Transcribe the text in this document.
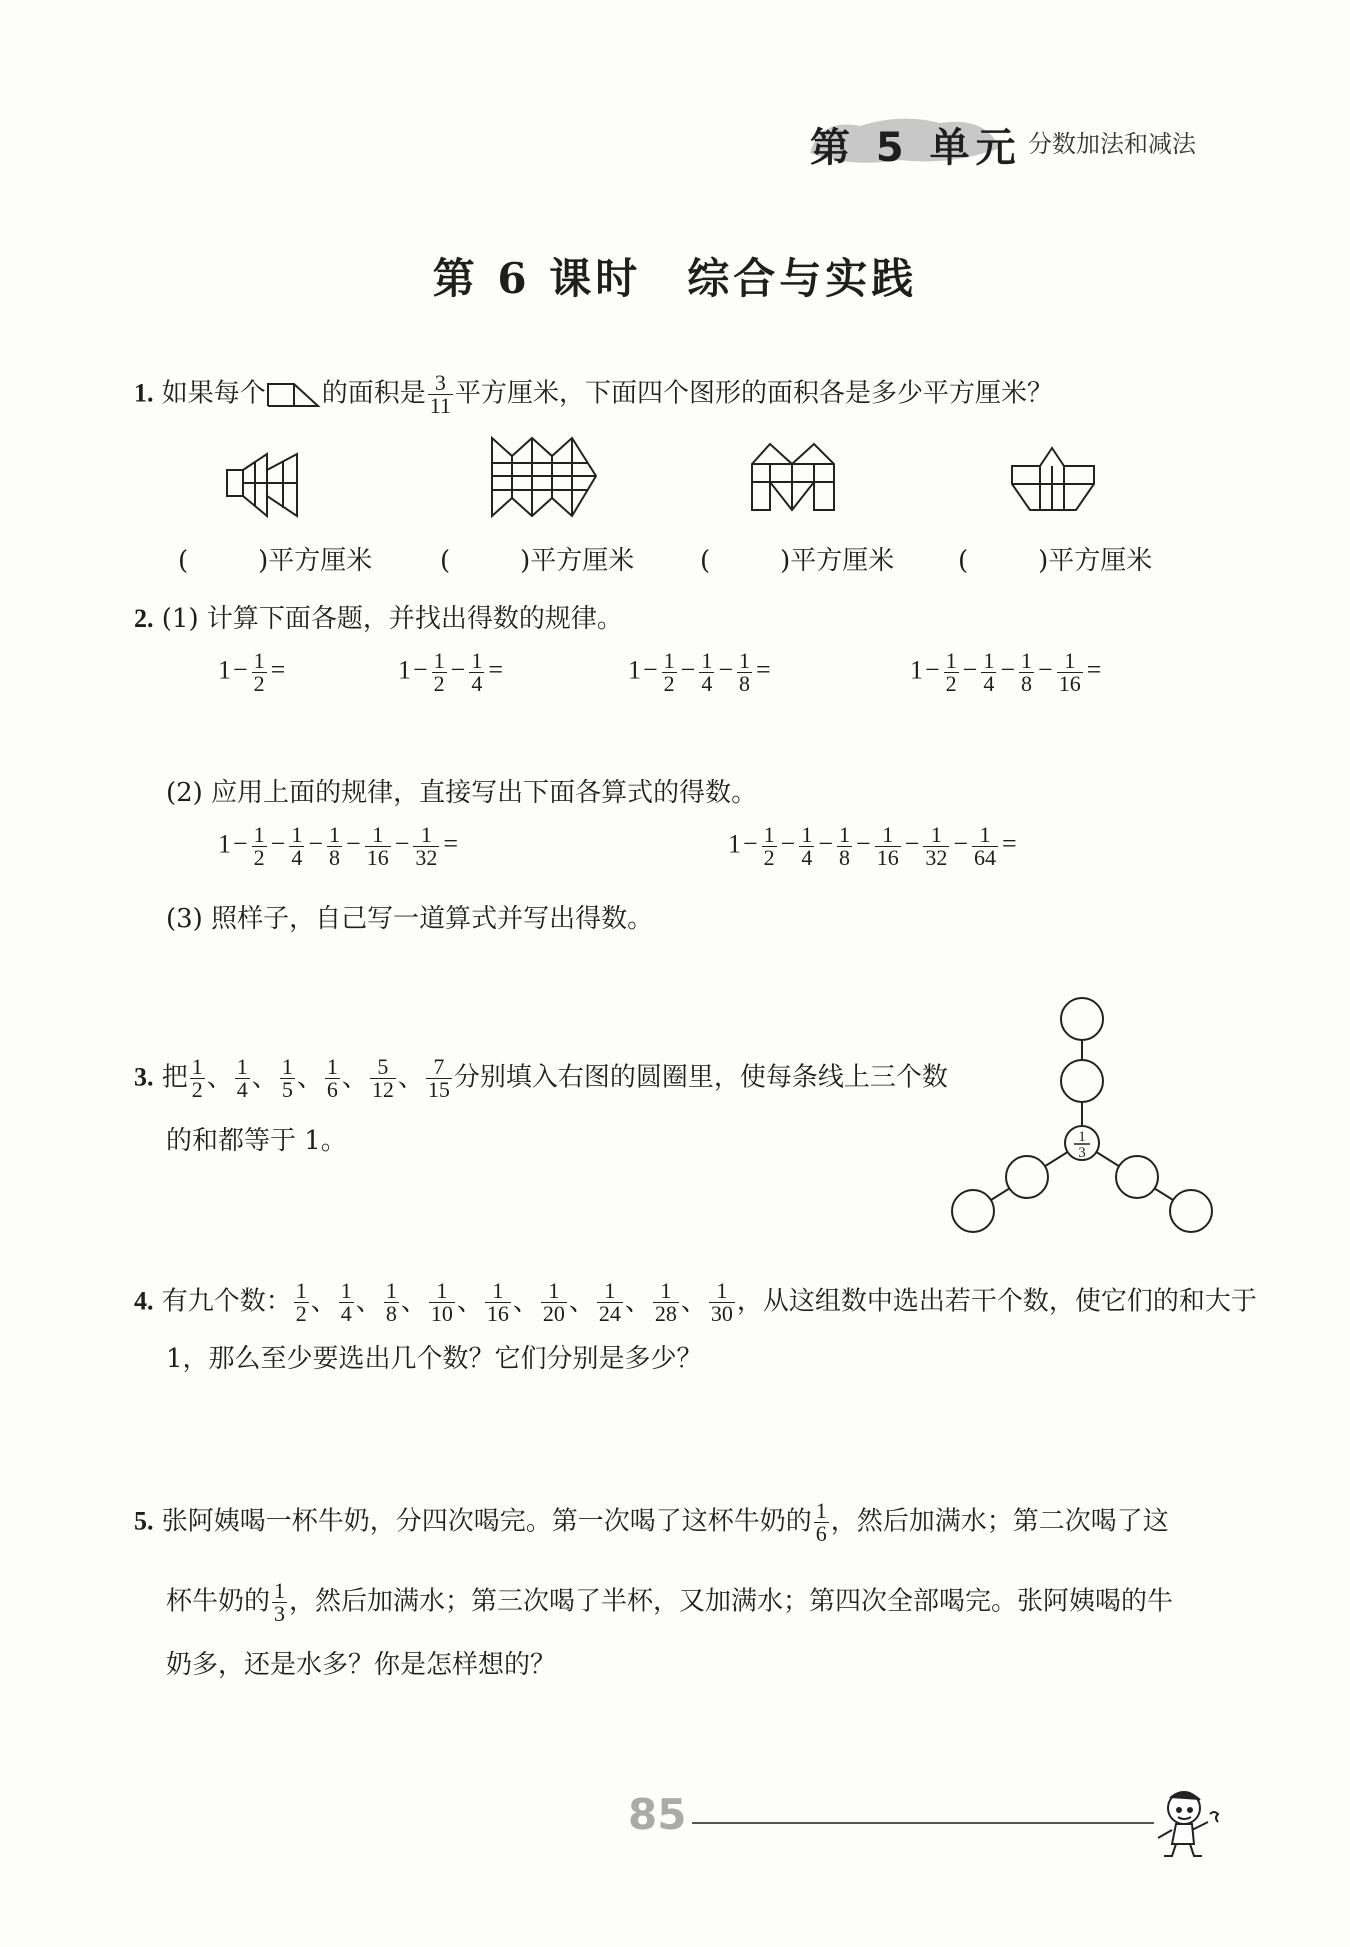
第 5 单元 分数加法和减法
第 6 课时　综合与实践
1. 如果每个 的面积是 $\frac{3}{11}$ 平方厘米，下面四个图形的面积各是多少平方厘米？
(	)平方厘米	(	)平方厘米	(	)平方厘米 (	)平方厘米
2. (1) 计算下面各题，并找出得数的规律。
$1- \frac{1}{2}$ =	$1- \frac{1}{2} - \frac{1}{4}$ =	$1- \frac{1}{2} - \frac{1}{4} - \frac{1}{8}$ =	$1- \frac{1}{2} - \frac{1}{4} - \frac{1}{8} - \frac{1}{16}$ =
(2) 应用上面的规律，直接写出下面各算式的得数。
$1- \frac{1}{2} - \frac{1}{4} - \frac{1}{8} - \frac{1}{16} - \frac{1}{32}$ =	$1- \frac{1}{2} - \frac{1}{4} - \frac{1}{8} - \frac{1}{16} - \frac{1}{32} - \frac{1}{64}$ =
(3) 照样子，自己写一道算式并写出得数。
3. 把 $\frac{1}{2}$ 、 $\frac{1}{4}$ 、 $\frac{1}{5}$ 、 $\frac{1}{6}$ 、 $\frac{5}{12}$ 、 $\frac{7}{15}$ 分别填入右图的圆圈里，使每条线上三个数
的和都等于 1。	1
3
4. 有九个数： $\frac{1}{2}$ 、 $\frac{1}{4}$ 、 $\frac{1}{8}$ 、 $\frac{1}{10}$ 、 $\frac{1}{16}$ 、 $\frac{1}{20}$ 、 $\frac{1}{24}$ 、 $\frac{1}{28}$ 、 $\frac{1}{30}$ ，从这组数中选出若干个数，使它们的和大于
1，那么至少要选出几个数？它们分别是多少？
5. 张阿姨喝一杯牛奶，分四次喝完。第一次喝了这杯牛奶的 $\frac{1}{6}$ ，然后加满水；第二次喝了这
杯牛奶的 $\frac{1}{3}$ ，然后加满水；第三次喝了半杯，又加满水；第四次全部喝完。张阿姨喝的牛
奶多，还是水多？你是怎样想的？
85
